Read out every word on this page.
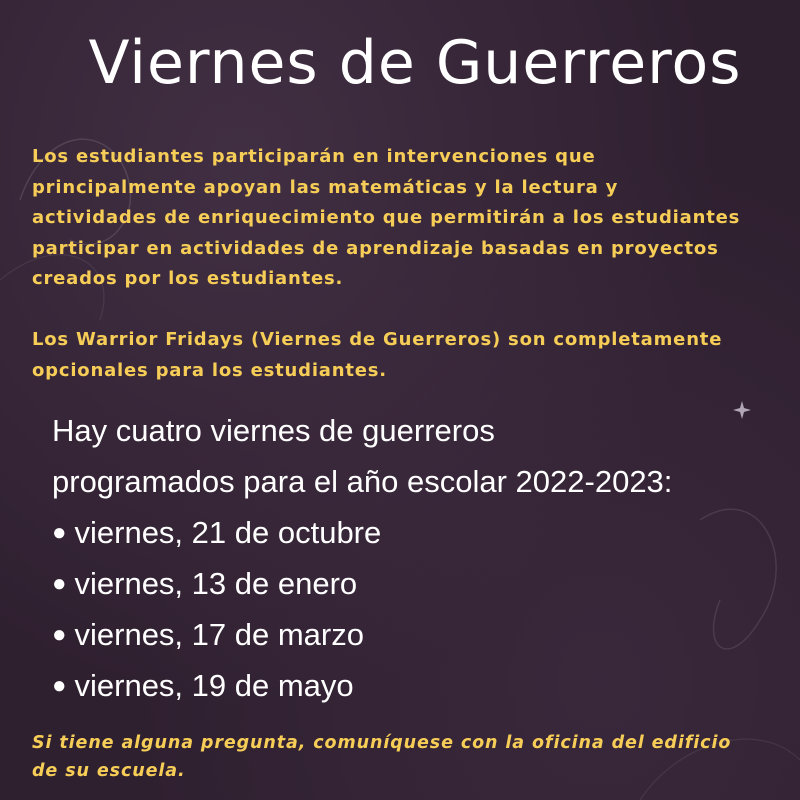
Viernes de Guerreros
Los estudiantes participarán en intervenciones que
principalmente apoyan las matemáticas y la lectura y
actividades de enriquecimiento que permitirán a los estudiantes
participar en actividades de aprendizaje basadas en proyectos
creados por los estudiantes.
Los Warrior Fridays (Viernes de Guerreros) son completamente
opcionales para los estudiantes.
Hay cuatro viernes de guerreros
programados para el año escolar 2022-2023:
● viernes, 21 de octubre
● viernes, 13 de enero
● viernes, 17 de marzo
● viernes, 19 de mayo
Si tiene alguna pregunta, comuníquese con la oficina del edificio
de su escuela.
